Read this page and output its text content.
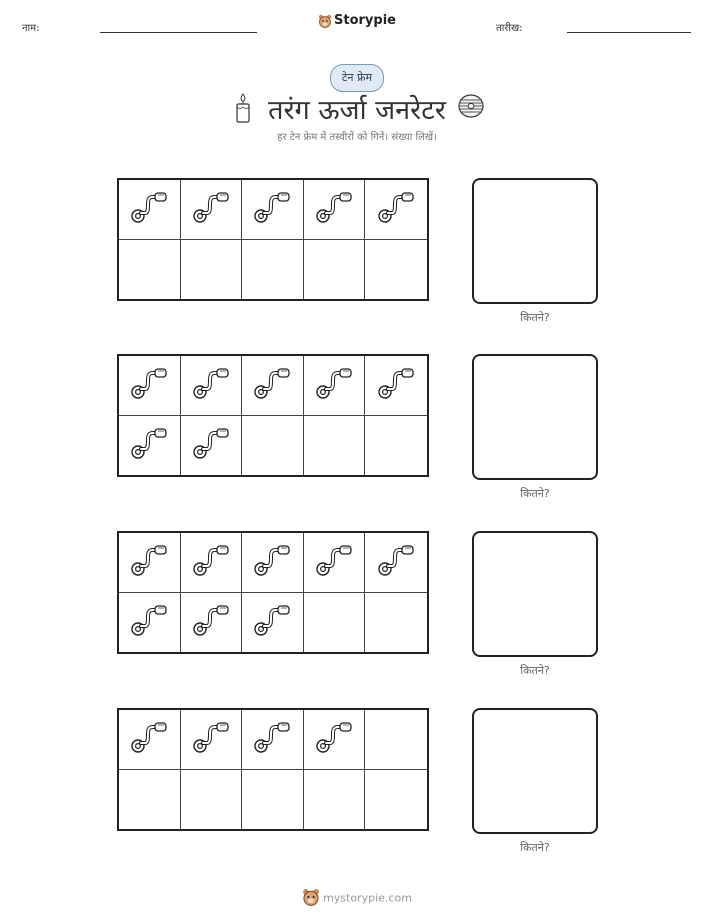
नाम:
Storypie
तारीख:
टेन फ्रेम
तरंग ऊर्जा जनरेटर
हर टेन फ्रेम में तस्वीरों को गिनें। संख्या लिखें।
कितने?
कितने?
कितने?
कितने?
mystorypie.com
